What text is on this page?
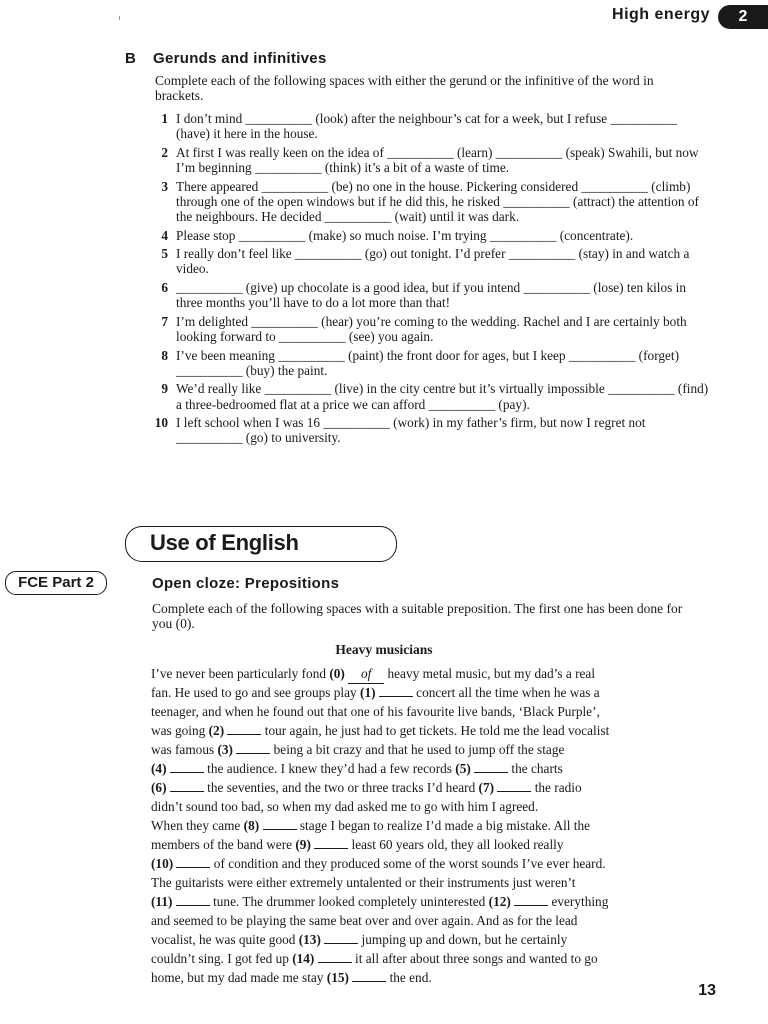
High energy	2
B Gerunds and infinitives
Complete each of the following spaces with either the gerund or the infinitive of the word in brackets.
1 I don’t mind __________ (look) after the neighbour’s cat for a week, but I refuse __________ (have) it here in the house.
2 At first I was really keen on the idea of __________ (learn) __________ (speak) Swahili, but now I’m beginning __________ (think) it’s a bit of a waste of time.
3 There appeared __________ (be) no one in the house. Pickering considered __________ (climb) through one of the open windows but if he did this, he risked __________ (attract) the attention of the neighbours. He decided __________ (wait) until it was dark.
4 Please stop __________ (make) so much noise. I’m trying __________ (concentrate).
5 I really don’t feel like __________ (go) out tonight. I’d prefer __________ (stay) in and watch a video.
6 __________ (give) up chocolate is a good idea, but if you intend __________ (lose) ten kilos in three months you’ll have to do a lot more than that!
7 I’m delighted __________ (hear) you’re coming to the wedding. Rachel and I are certainly both looking forward to __________ (see) you again.
8 I’ve been meaning __________ (paint) the front door for ages, but I keep __________ (forget) __________ (buy) the paint.
9 We’d really like __________ (live) in the city centre but it’s virtually impossible __________ (find) a three-bedroomed flat at a price we can afford __________ (pay).
10 I left school when I was 16 __________ (work) in my father’s firm, but now I regret not __________ (go) to university.
Use of English
FCE Part 2	Open cloze: Prepositions
Complete each of the following spaces with a suitable preposition. The first one has been done for you (0).
Heavy musicians
I’ve never been particularly fond (0) of heavy metal music, but my dad’s a real
fan. He used to go and see groups play (1)	concert all the time when he was a
teenager, and when he found out that one of his favourite live bands, ‘Black Purple’,
was going (2)	tour again, he just had to get tickets. He told me the lead vocalist
was famous (3)	being a bit crazy and that he used to jump off the stage
(4)	the audience. I knew they’d had a few records (5)	the charts
(6)	the seventies, and the two or three tracks I’d heard (7)	the radio
didn’t sound too bad, so when my dad asked me to go with him I agreed.
When they came (8)	stage I began to realize I’d made a big mistake. All the
members of the band were (9)	least 60 years old, they all looked really
(10)	of condition and they produced some of the worst sounds I’ve ever heard.
The guitarists were either extremely untalented or their instruments just weren’t
(11)	tune. The drummer looked completely uninterested (12)	everything
and seemed to be playing the same beat over and over again. And as for the lead
vocalist, he was quite good (13)	jumping up and down, but he certainly
couldn’t sing. I got fed up (14)	it all after about three songs and wanted to go
home, but my dad made me stay (15)	the end.
13
